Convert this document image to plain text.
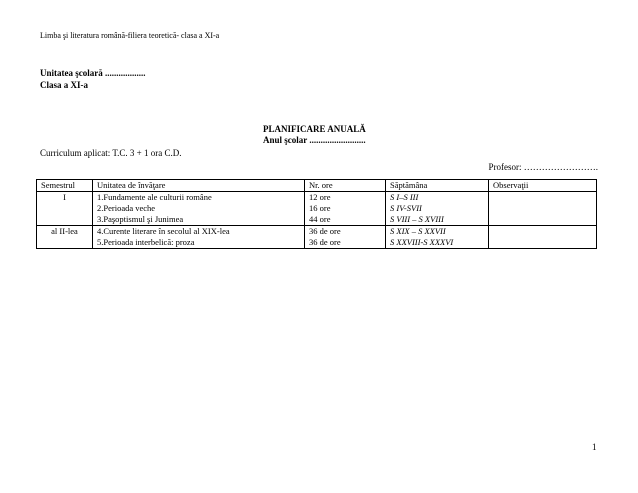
Limba şi literatura română-filiera teoretică- clasa a XI-a
Unitatea şcolară ..................
Clasa a XI-a
PLANIFICARE ANUALĂ
Anul şcolar .........................
Curriculum aplicat: T.C. 3 + 1 ora C.D.
Profesor: …………………….
Semestrul	Unitatea de învăţare	Nr. ore	Săptămâna	Observaţii
I	1.Fundamente ale culturii române
2.Perioada veche
3.Paşoptismul şi Junimea	12 ore
16 ore
44 ore	S I–S III
S IV-SVII
S VIII – S XVIII	

al II-lea	4.Curente literare în secolul al XIX-lea
5.Perioada interbelică: proza	36 de ore
36 de ore	S XIX – S XXVII
S XXVIII-S XXXVI	

1
